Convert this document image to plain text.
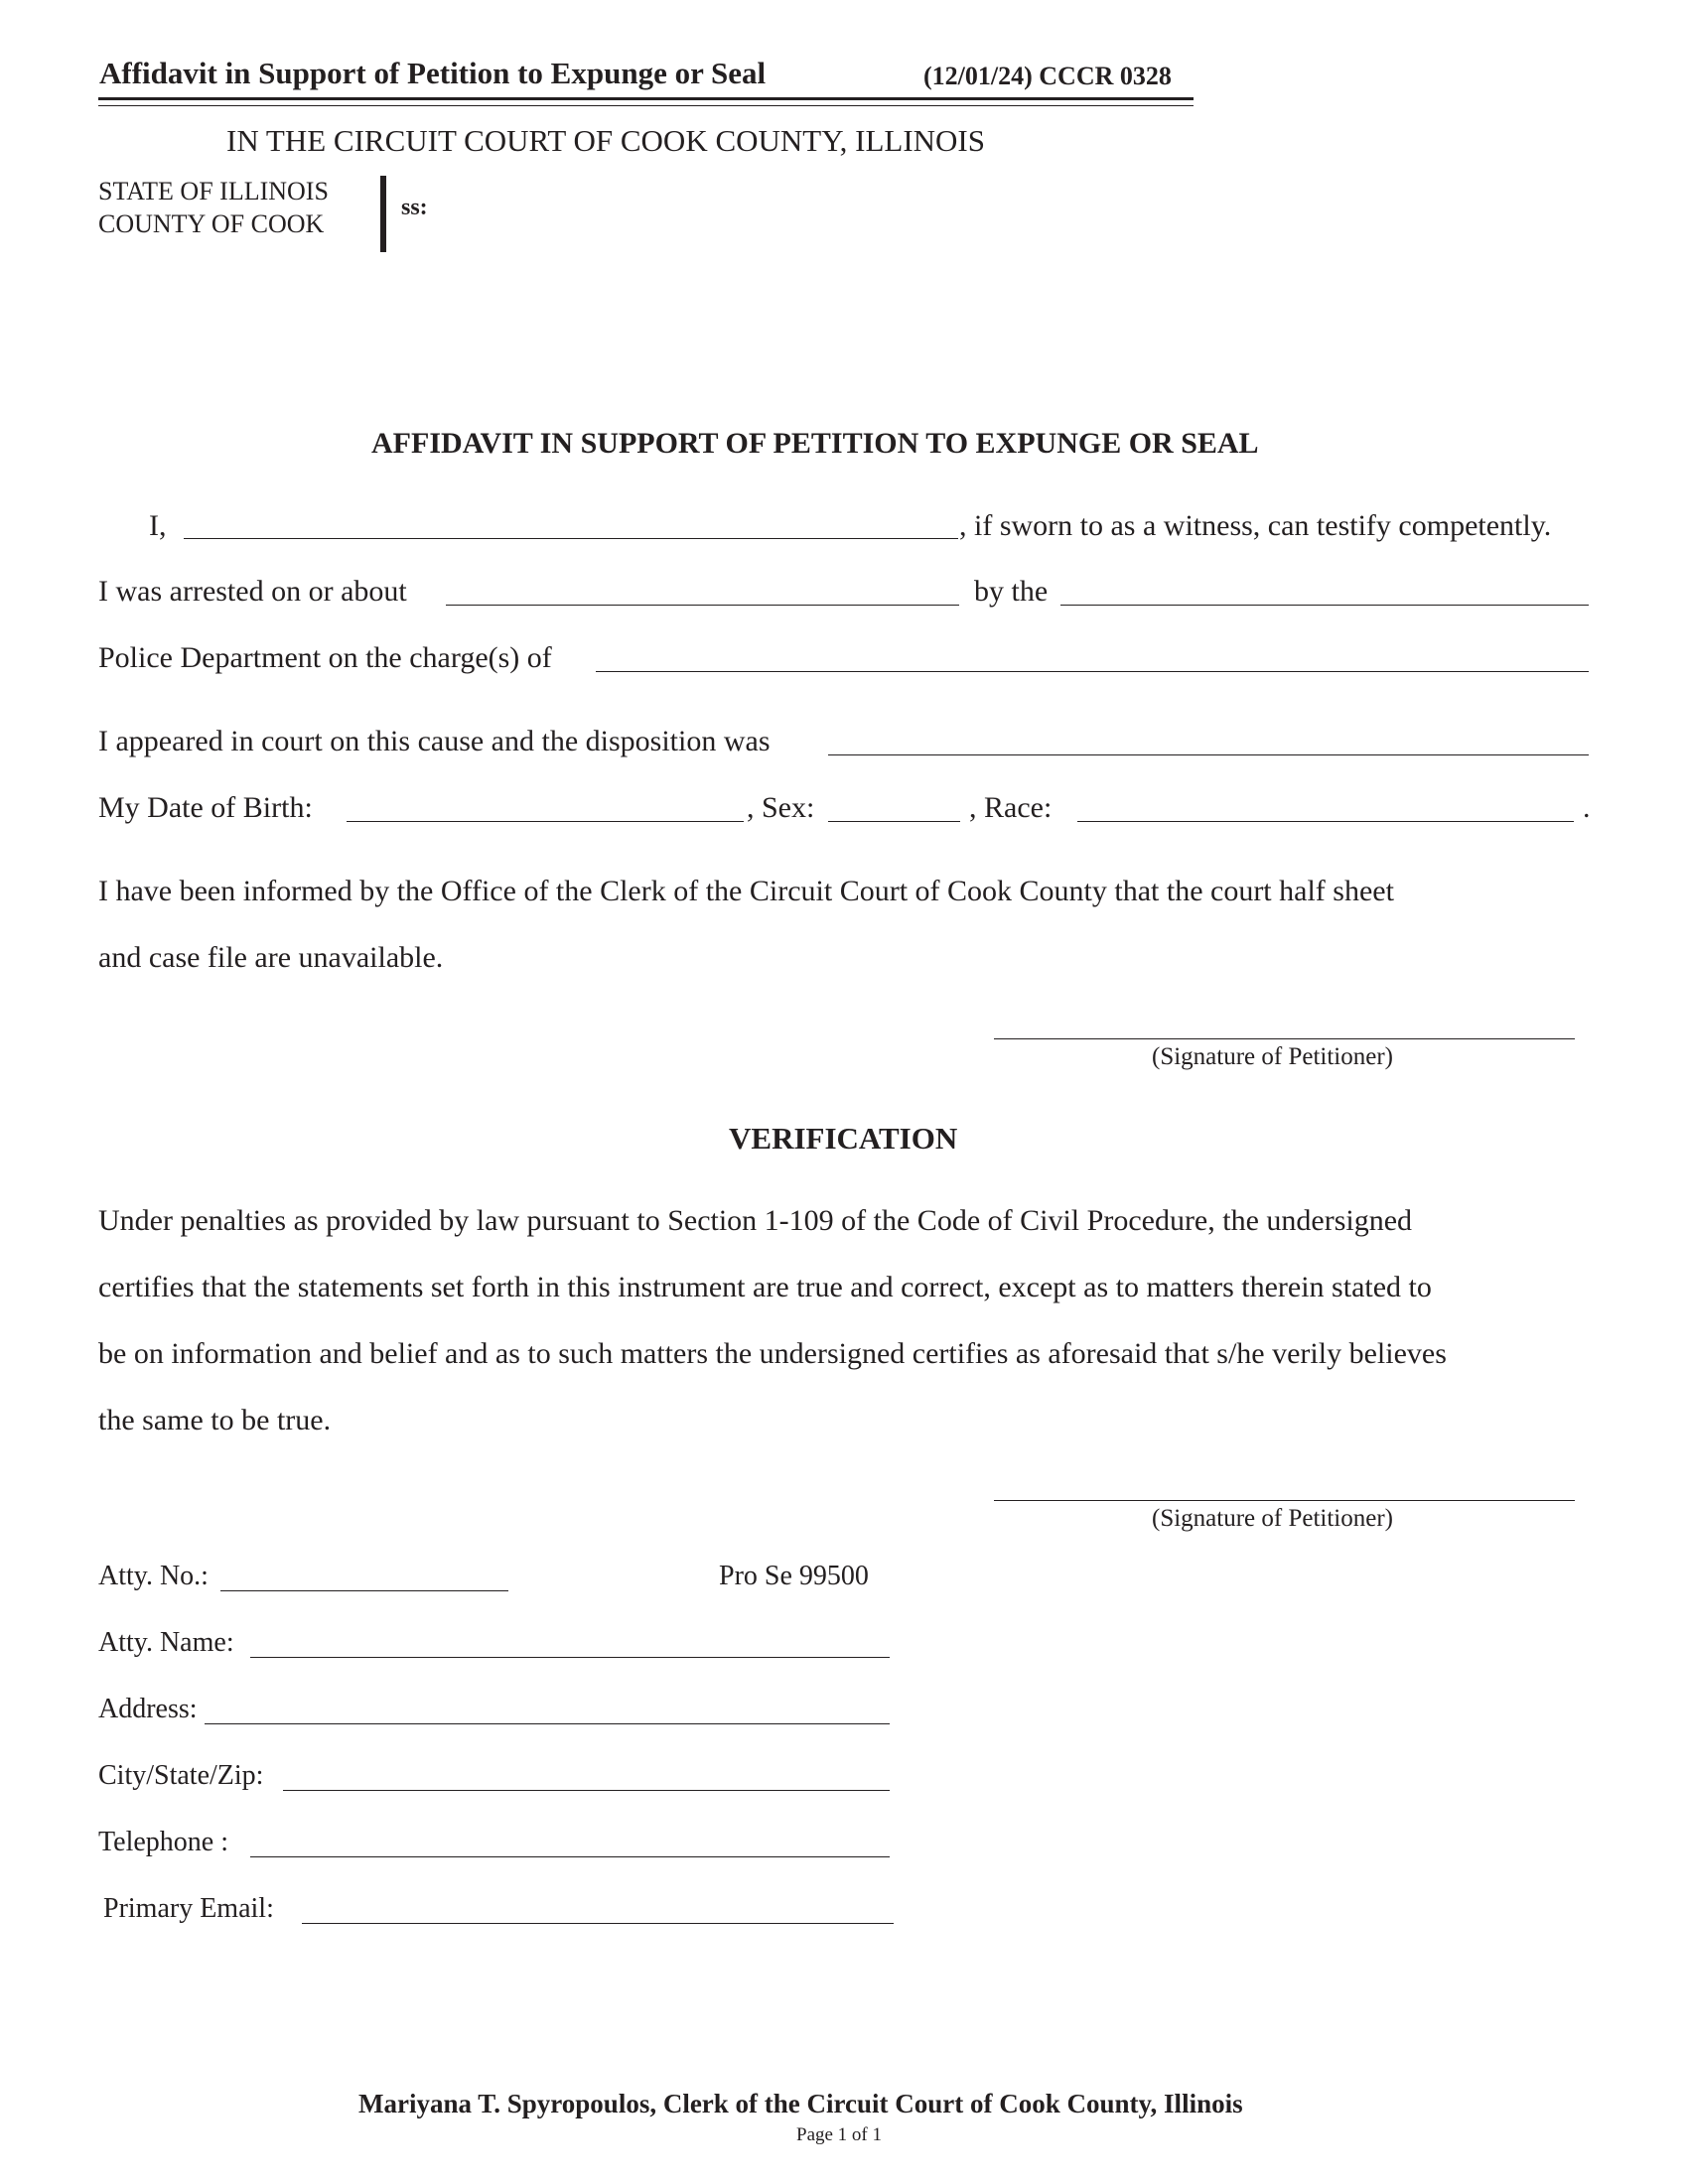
Affidavit in Support of Petition to Expunge or Seal	(12/01/24) CCCR 0328
IN THE CIRCUIT COURT OF COOK COUNTY, ILLINOIS
STATE OF ILLINOIS
COUNTY OF COOK
ss:
AFFIDAVIT IN SUPPORT OF PETITION TO EXPUNGE OR SEAL
I,	, if sworn to as a witness, can testify competently.
I was arrested on or about	by the
Police Department on the charge(s) of
I appeared in court on this cause and the disposition was
My Date of Birth:	, Sex:	, Race:	.
I have been informed by the Office of the Clerk of the Circuit Court of Cook County that the court half sheet
and case file are unavailable.
(Signature of Petitioner)
VERIFICATION
Under penalties as provided by law pursuant to Section 1-109 of the Code of Civil Procedure, the undersigned
certifies that the statements set forth in this instrument are true and correct, except as to matters therein stated to
be on information and belief and as to such matters the undersigned certifies as aforesaid that s/he verily believes
the same to be true.
(Signature of Petitioner)
Atty. No.:	Pro Se 99500
Atty. Name:
Address:
City/State/Zip:
Telephone :
Primary Email:
Mariyana T. Spyropoulos, Clerk of the Circuit Court of Cook County, Illinois
Page 1 of 1
